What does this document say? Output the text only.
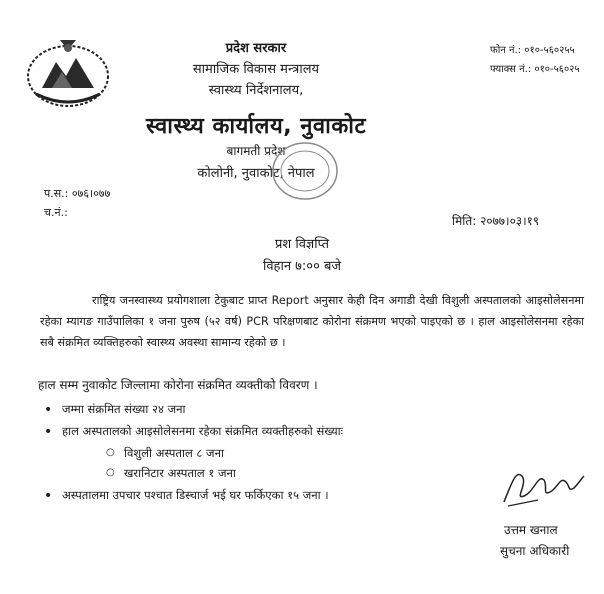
प्रदेश सरकार
सामाजिक विकास मन्त्रालय
स्वास्थ्य निर्देशनालय,
स्वास्थ्य कार्यालय, नुवाकोट
बागमती प्रदेश
कोलोनी, नुवाकोट, नेपाल
फोन नं.: ०१०-५६०२५५
फ्याक्स नं.: ०१०-५६०२५
प.स.: ०७६।०७७
च.नं.:
मिति: २०७७।०३।१९
प्रश विज्ञप्ति
विहान ७:०० बजे
राष्ट्रिय जनस्वास्थ्य प्रयोगशाला टेकुबाट प्राप्त Report अनुसार केही दिन अगाडी देखी विशुली अस्पतालको आइसोलेसनमा रहेका म्यागङ गाउँपालिका १ जना पुरुष (५२ वर्ष) PCR परिक्षणबाट कोरोना संक्रमण भएको पाइएको छ । हाल आइसोलेसनमा रहेका सबै संक्रमित व्यक्तिहरुको स्वास्थ्य अवस्था सामान्य रहेको छ ।
हाल सम्म नुवाकोट जिल्लामा कोरोना संक्रमित व्यक्तीको विवरण ।
• जम्मा संक्रमित संख्या २४ जना
• हाल अस्पतालको आइसोलेसनमा रहेका संक्रमित व्यक्तीहरुको संख्याः
○ विशुली अस्पताल ८ जना
○ खरानिटार अस्पताल १ जना
• अस्पतालमा उपचार पश्चात डिस्चार्ज भई घर फर्किएका १५ जना ।
उत्तम खनाल
सुचना अधिकारी
